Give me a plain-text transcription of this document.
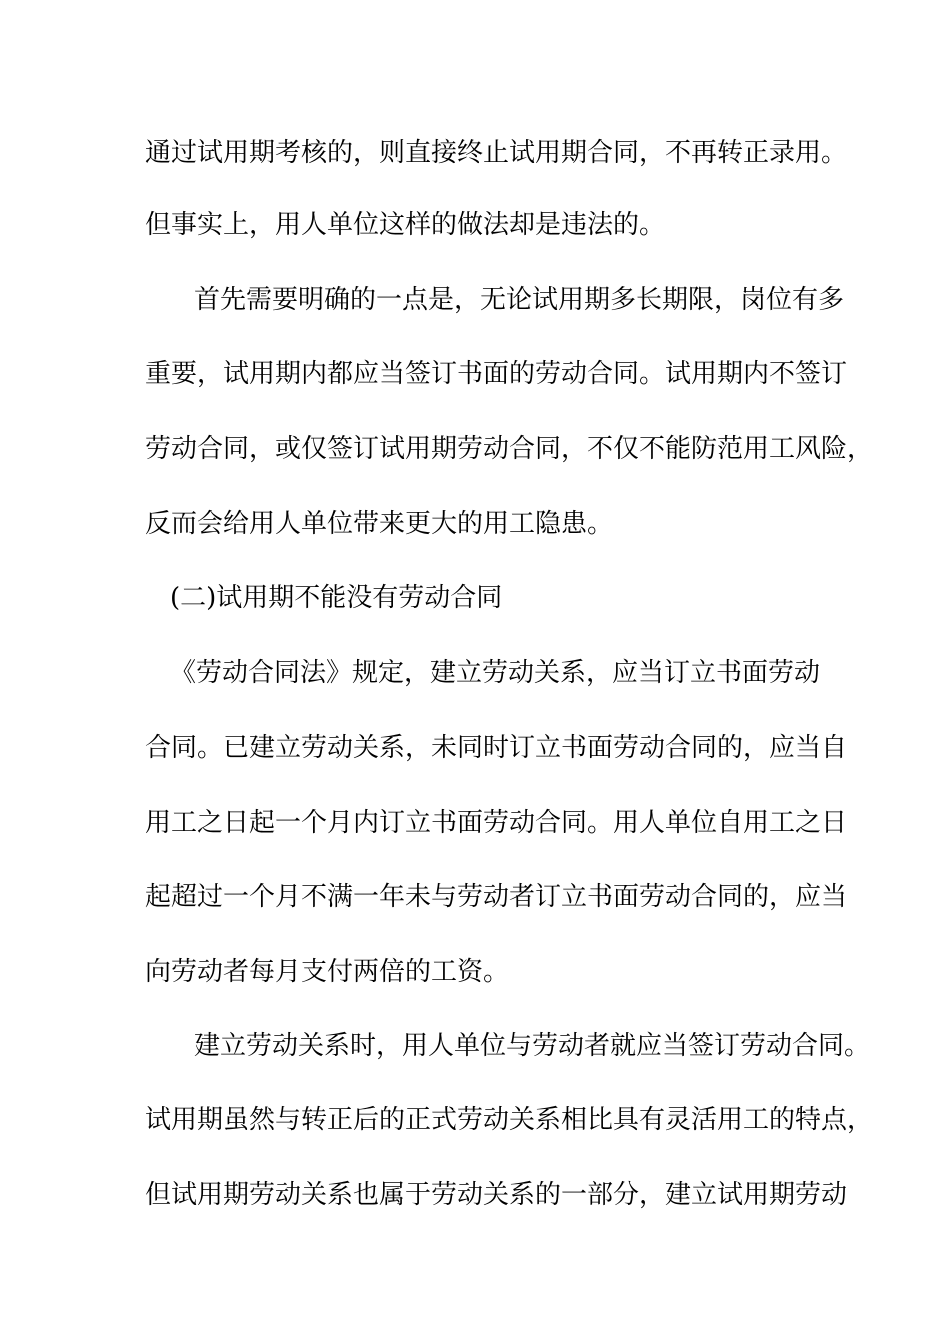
通过试用期考核的，则直接终止试用期合同，不再转正录用。
但事实上，用人单位这样的做法却是违法的。
首先需要明确的一点是，无论试用期多长期限，岗位有多
重要，试用期内都应当签订书面的劳动合同。试用期内不签订
劳动合同，或仅签订试用期劳动合同，不仅不能防范用工风险，
反而会给用人单位带来更大的用工隐患。
(二)试用期不能没有劳动合同
《劳动合同法》规定，建立劳动关系，应当订立书面劳动
合同。已建立劳动关系，未同时订立书面劳动合同的，应当自
用工之日起一个月内订立书面劳动合同。用人单位自用工之日
起超过一个月不满一年未与劳动者订立书面劳动合同的，应当
向劳动者每月支付两倍的工资。
建立劳动关系时，用人单位与劳动者就应当签订劳动合同。
试用期虽然与转正后的正式劳动关系相比具有灵活用工的特点，
但试用期劳动关系也属于劳动关系的一部分，建立试用期劳动
